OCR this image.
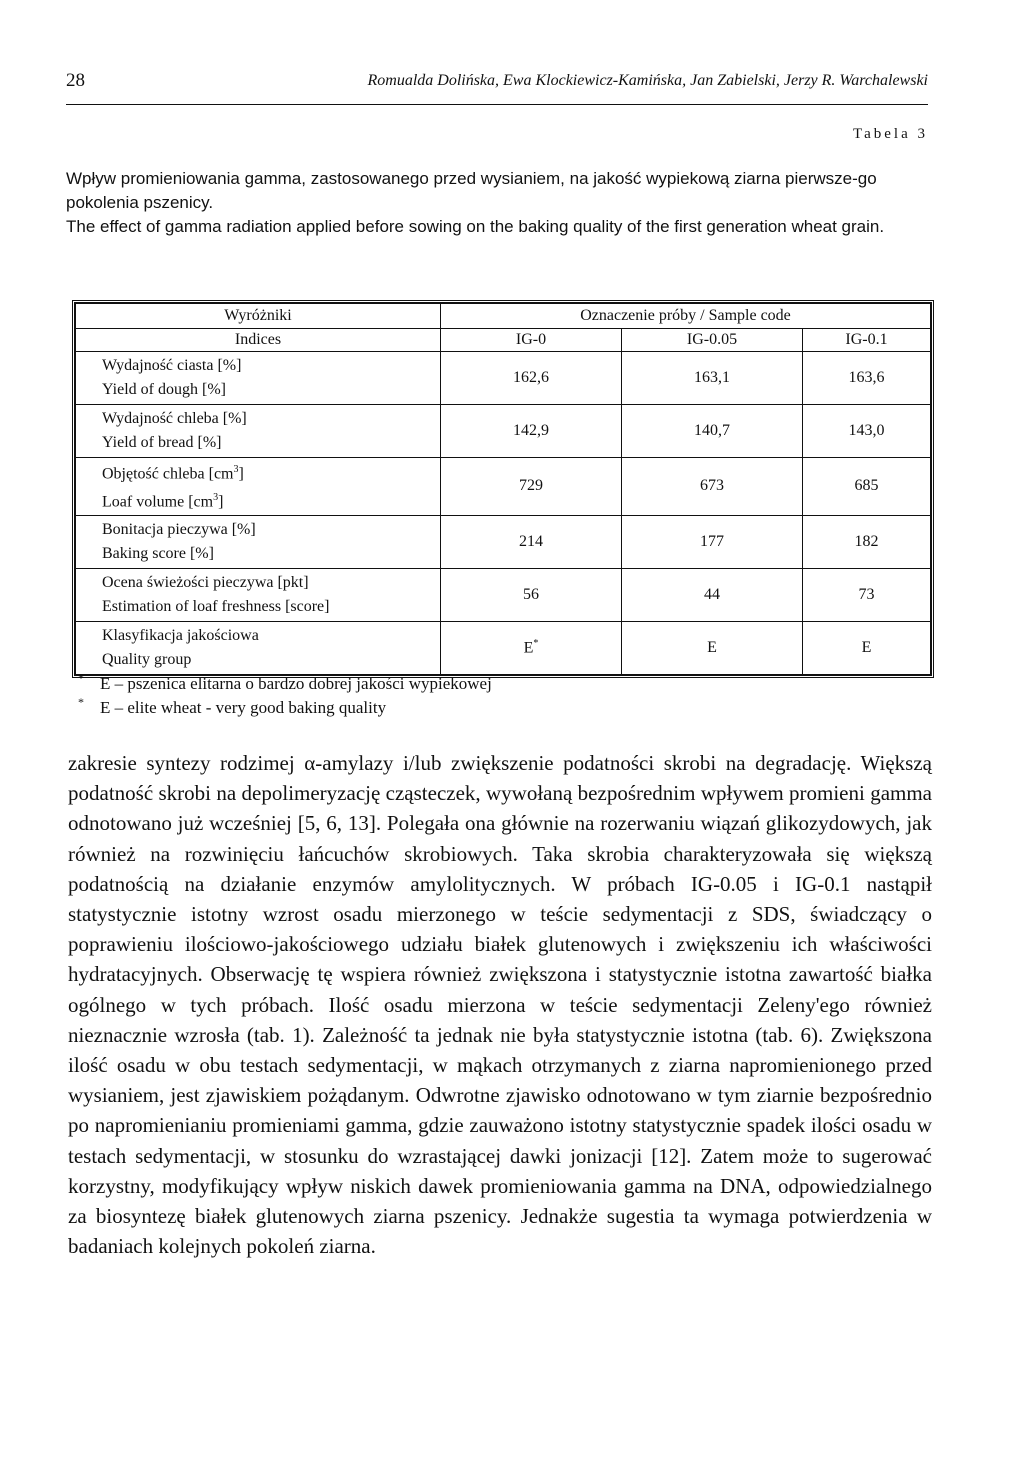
28	Romualda Dolińska, Ewa Klockiewicz-Kamińska, Jan Zabielski, Jerzy R. Warchalewski
Tabela 3

Wpływ promieniowania gamma, zastosowanego przed wysianiem, na jakość wypiekową ziarna pierwsze-go pokolenia pszenicy.

The effect of gamma radiation applied before sowing on the baking quality of the first generation wheat grain.

Wyróżniki	Oznaczenie próby / Sample code		
Indices	IG-0	IG-0.05	IG-0.1

Wydajność ciasta [%]
Yield of dough [%]	162,6	163,1	163,6

Wydajność chleba [%]
Yield of bread [%]	142,9	140,7	143,0

Objętość chleba $[cm^3]$
Loaf volume $[cm^3]$	729	673	685

Bonitacja pieczywa [%]
Baking score [%]	214	177	182

Ocena świeżości pieczywa [pkt]
Estimation of loaf freshness [score]	56	44	73

Klasyfikacja jakościowa
Quality group	E*	E	E
* E – pszenica elitarna o bardzo dobrej jakości wypiekowej
* E – elite wheat - very good baking quality

zakresie syntezy rodzimej α-amylazy i/lub zwiększenie podatności skrobi na degradację. Większą podatność skrobi na depolimeryzację cząsteczek, wywołaną bezpośrednim wpływem promieni gamma odnotowano już wcześniej [5, 6, 13]. Polegała ona głównie na rozerwaniu wiązań glikozydowych, jak również na rozwinięciu łańcuchów skrobiowych. Taka skrobia charakteryzowała się większą podatnością na działanie enzymów amylolitycznych. W próbach IG-0.05 i IG-0.1 nastąpił statystycznie istotny wzrost osadu mierzonego w teście sedymentacji z SDS, świadczący o poprawieniu ilościowo-jakościowego udziału białek glutenowych i zwiększeniu ich właściwości hydratacyjnych. Obserwację tę wspiera również zwiększona i statystycznie istotna zawartość białka ogólnego w tych próbach. Ilość osadu mierzona w teście sedymentacji Zeleny'ego również nieznacznie wzrosła (tab. 1). Zależność ta jednak nie była statystycznie istotna (tab. 6). Zwiększona ilość osadu w obu testach sedymentacji, w mąkach otrzymanych z ziarna napromienionego przed wysianiem, jest zjawiskiem pożądanym. Odwrotne zjawisko odnotowano w tym ziarnie bezpośrednio po napromienianiu promieniami gamma, gdzie zauważono istotny statystycznie spadek ilości osadu w testach sedymentacji, w stosunku do wzrastającej dawki jonizacji [12]. Zatem może to sugerować korzystny, modyfikujący wpływ niskich dawek promieniowania gamma na DNA, odpowiedzialnego za biosyntezę białek glutenowych ziarna pszenicy. Jednakże sugestia ta wymaga potwierdzenia w badaniach kolejnych pokoleń ziarna.
